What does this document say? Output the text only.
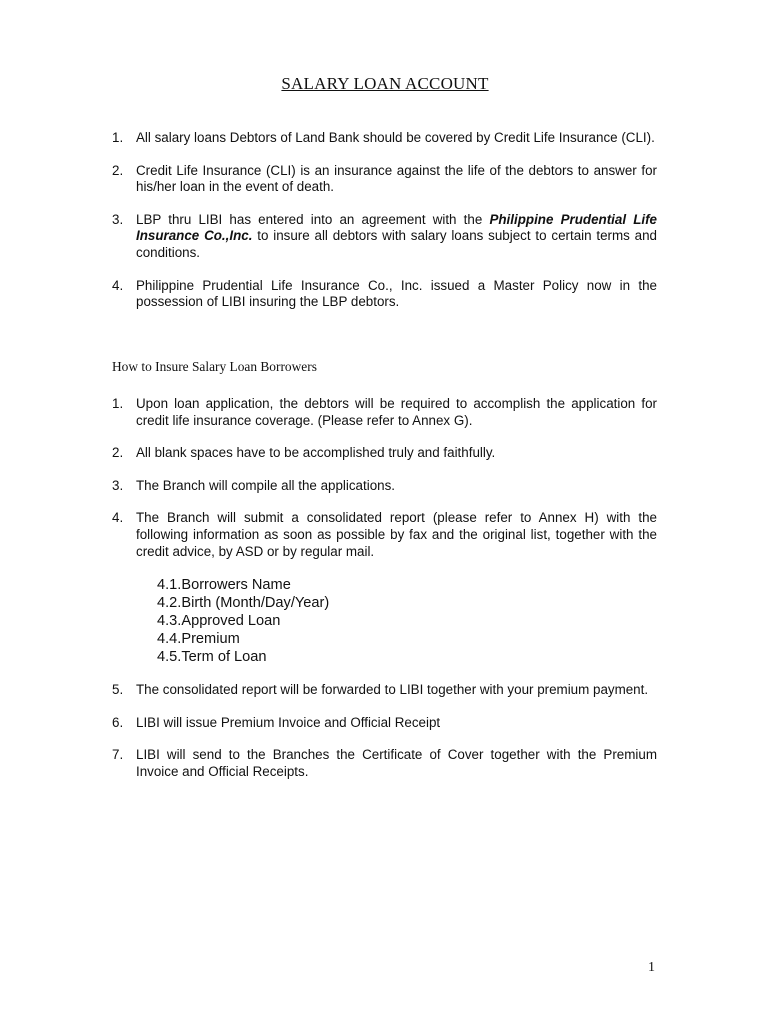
SALARY LOAN ACCOUNT
1. All salary loans Debtors of Land Bank should be covered by Credit Life Insurance (CLI).
2. Credit Life Insurance (CLI) is an insurance against the life of the debtors to answer for his/her loan in the event of death.
3. LBP thru LIBI has entered into an agreement with the Philippine Prudential Life Insurance Co.,Inc. to insure all debtors with salary loans subject to certain terms and conditions.
4. Philippine Prudential Life Insurance Co., Inc. issued a Master Policy now in the possession of LIBI insuring the LBP debtors.
How to Insure Salary Loan Borrowers
1. Upon loan application, the debtors will be required to accomplish the application for credit life insurance coverage. (Please refer to Annex G).
2. All blank spaces have to be accomplished truly and faithfully.
3. The Branch will compile all the applications.
4. The Branch will submit a consolidated report (please refer to Annex H) with the following information as soon as possible by fax and the original list, together with the credit advice, by ASD or by regular mail.
4.1.Borrowers Name
4.2.Birth (Month/Day/Year)
4.3.Approved Loan
4.4.Premium
4.5.Term of Loan
5. The consolidated report will be forwarded to LIBI together with your premium payment.
6. LIBI will issue Premium Invoice and Official Receipt
7. LIBI will send to the Branches the Certificate of Cover together with the Premium Invoice and Official Receipts.
1
